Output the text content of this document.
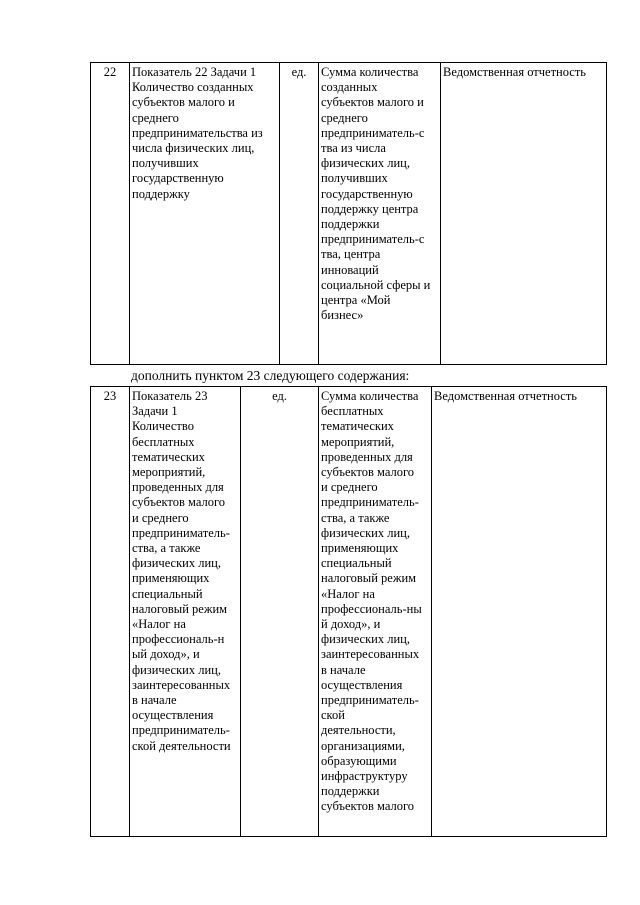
22	Показатель 22 Задачи 1
Количество созданных
субъектов малого и
среднего
предпринимательства из
числа физических лиц,
получивших
государственную
поддержку	ед.	Сумма количества
созданных
субъектов малого и
среднего
предприниматель-с
тва из числа
физических лиц,
получивших
государственную
поддержку центра
поддержки
предприниматель-с
тва, центра
инноваций
социальной сферы и
центра «Мой
бизнес»	Ведомственная отчетность
дополнить пунктом 23 следующего содержания:
23	Показатель 23
Задачи 1
Количество
бесплатных
тематических
мероприятий,
проведенных для
субъектов малого
и среднего
предприниматель-
ства, а также
физических лиц,
применяющих
специальный
налоговый режим
«Налог на
профессиональ-н
ый доход», и
физических лиц,
заинтересованных
в начале
осуществления
предприниматель-
ской деятельности	ед.	Сумма количества
бесплатных
тематических
мероприятий,
проведенных для
субъектов малого
и среднего
предприниматель-
ства, а также
физических лиц,
применяющих
специальный
налоговый режим
«Налог на
профессиональ-ны
й доход», и
физических лиц,
заинтересованных
в начале
осуществления
предприниматель-
ской
деятельности,
организациями,
образующими
инфраструктуру
поддержки
субъектов малого	Ведомственная отчетность
